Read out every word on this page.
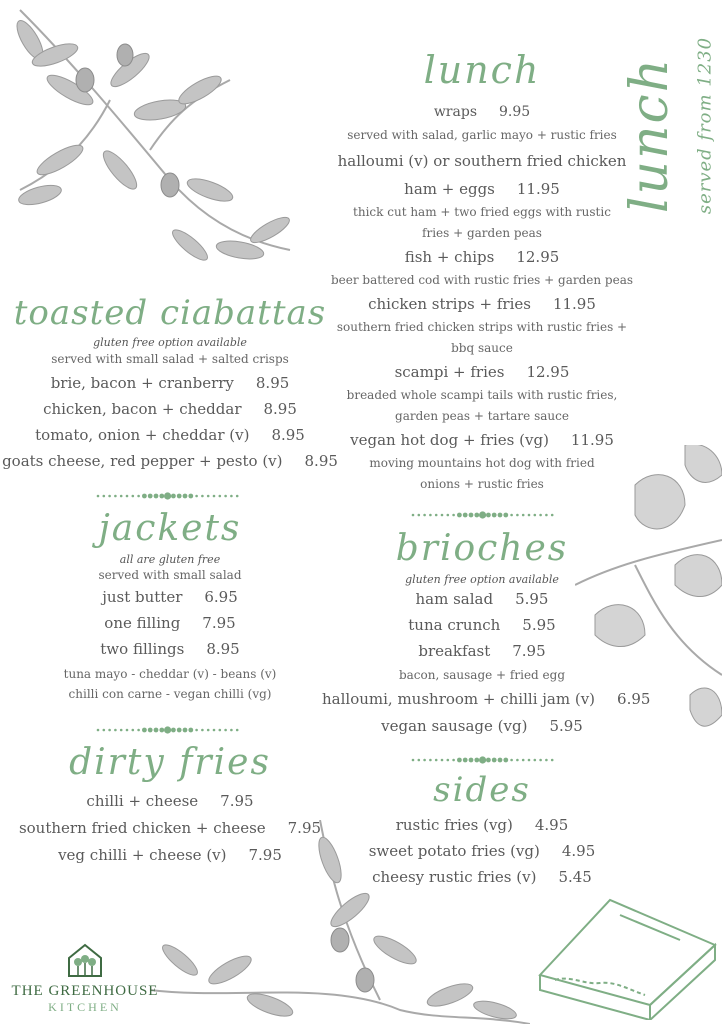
lunch served from 1230
lunch
wraps 9.95
served with salad, garlic mayo + rustic fries
halloumi (v) or southern fried chicken
ham + eggs 11.95
thick cut ham + two fried eggs with rustic
fries + garden peas
fish + chips 12.95
beer battered cod with rustic fries + garden peas
chicken strips + fries 11.95
southern fried chicken strips with rustic fries +
bbq sauce
scampi + fries 12.95
breaded whole scampi tails with rustic fries,
garden peas + tartare sauce
vegan hot dog + fries (vg) 11.95
moving mountains hot dog with fried
onions + rustic fries
toasted ciabattas
gluten free option available
served with small salad + salted crisps
brie, bacon + cranberry 8.95
chicken, bacon + cheddar 8.95
tomato, onion + cheddar (v) 8.95
goats cheese, red pepper + pesto (v) 8.95
jackets
all are gluten free
served with small salad
just butter 6.95
one filling 7.95
two fillings 8.95
tuna mayo - cheddar (v) - beans (v)
chilli con carne - vegan chilli (vg)
dirty fries
chilli + cheese 7.95
southern fried chicken + cheese 7.95
veg chilli + cheese (v) 7.95
brioches
gluten free option available
ham salad 5.95
tuna crunch 5.95
breakfast 7.95
bacon, sausage + fried egg
halloumi, mushroom + chilli jam (v) 6.95
vegan sausage (vg) 5.95
sides
rustic fries (vg) 4.95
sweet potato fries (vg) 4.95
cheesy rustic fries (v) 5.45
THE GREENHOUSE
KITCHEN
